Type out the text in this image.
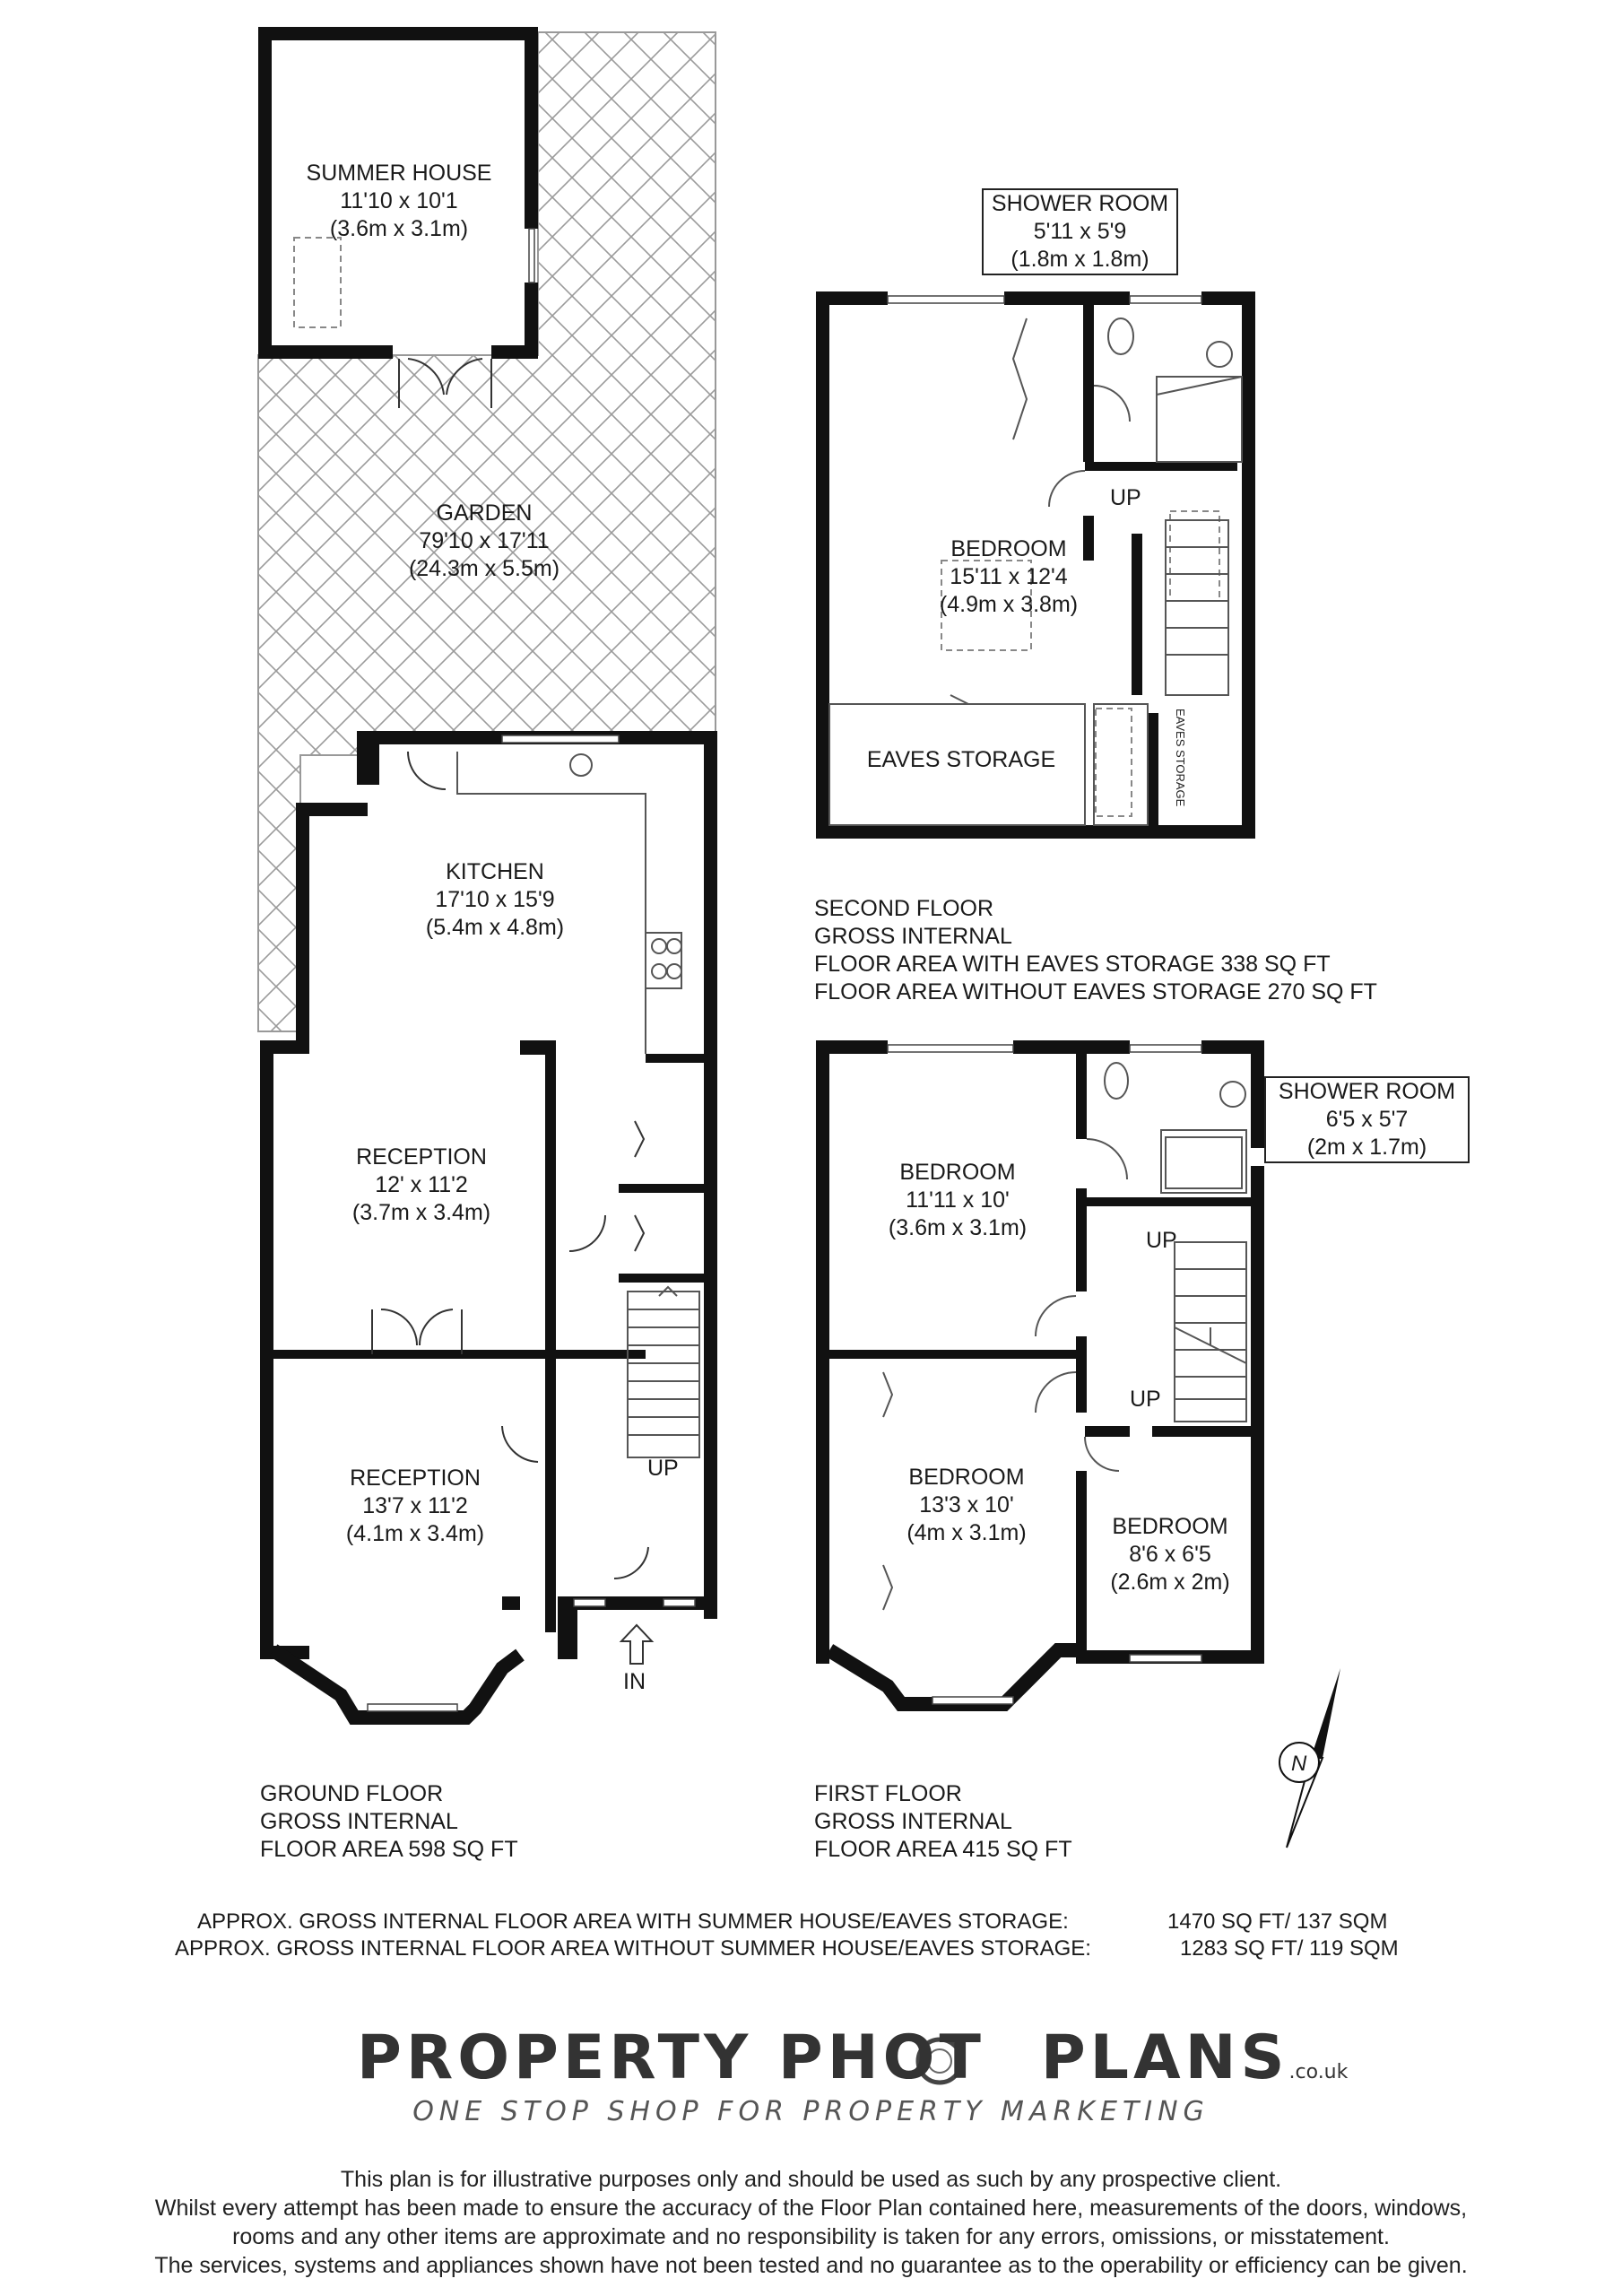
EAVES STORAGE
SUMMER HOUSE
11'10 x 10'1
(3.6m x 3.1m)
GARDEN
79'10 x 17'11
(24.3m x 5.5m)
KITCHEN
17'10 x 15'9
(5.4m x 4.8m)
RECEPTION
12' x 11'2
(3.7m x 3.4m)
RECEPTION
13'7 x 11'2
(4.1m x 3.4m)
BEDROOM
15'11 x 12'4
(4.9m x 3.8m)
SHOWER ROOM
5'11 x 5'9
(1.8m x 1.8m)
EAVES STORAGE
BEDROOM
11'11 x 10'
(3.6m x 3.1m)
SHOWER ROOM
6'5 x 5'7
(2m x 1.7m)
BEDROOM
13'3 x 10'
(4m x 3.1m)	BEDROOM
8'6 x 6'5
(2.6m x 2m)
UP
IN
UP
UP
UP
N
GROUND FLOOR
GROSS INTERNAL
FLOOR AREA 598 SQ FT
FIRST FLOOR
GROSS INTERNAL
FLOOR AREA 415 SQ FT
SECOND FLOOR
GROSS INTERNAL
FLOOR AREA WITH EAVES STORAGE 338 SQ FT
FLOOR AREA WITHOUT EAVES STORAGE 270 SQ FT
APPROX. GROSS INTERNAL FLOOR AREA WITH SUMMER HOUSE/EAVES STORAGE:	1470 SQ FT/ 137 SQM
APPROX. GROSS INTERNAL FLOOR AREA WITHOUT SUMMER HOUSE/EAVES STORAGE:	1283 SQ FT/ 119 SQM
PROPERTY PHOT PLANS.co.uk
ONE STOP SHOP FOR PROPERTY MARKETING
This plan is for illustrative purposes only and should be used as such by any prospective client.
Whilst every attempt has been made to ensure the accuracy of the Floor Plan contained here, measurements of the doors, windows,
rooms and any other items are approximate and no responsibility is taken for any errors, omissions, or misstatement.
The services, systems and appliances shown have not been tested and no guarantee as to the operability or efficiency can be given.
